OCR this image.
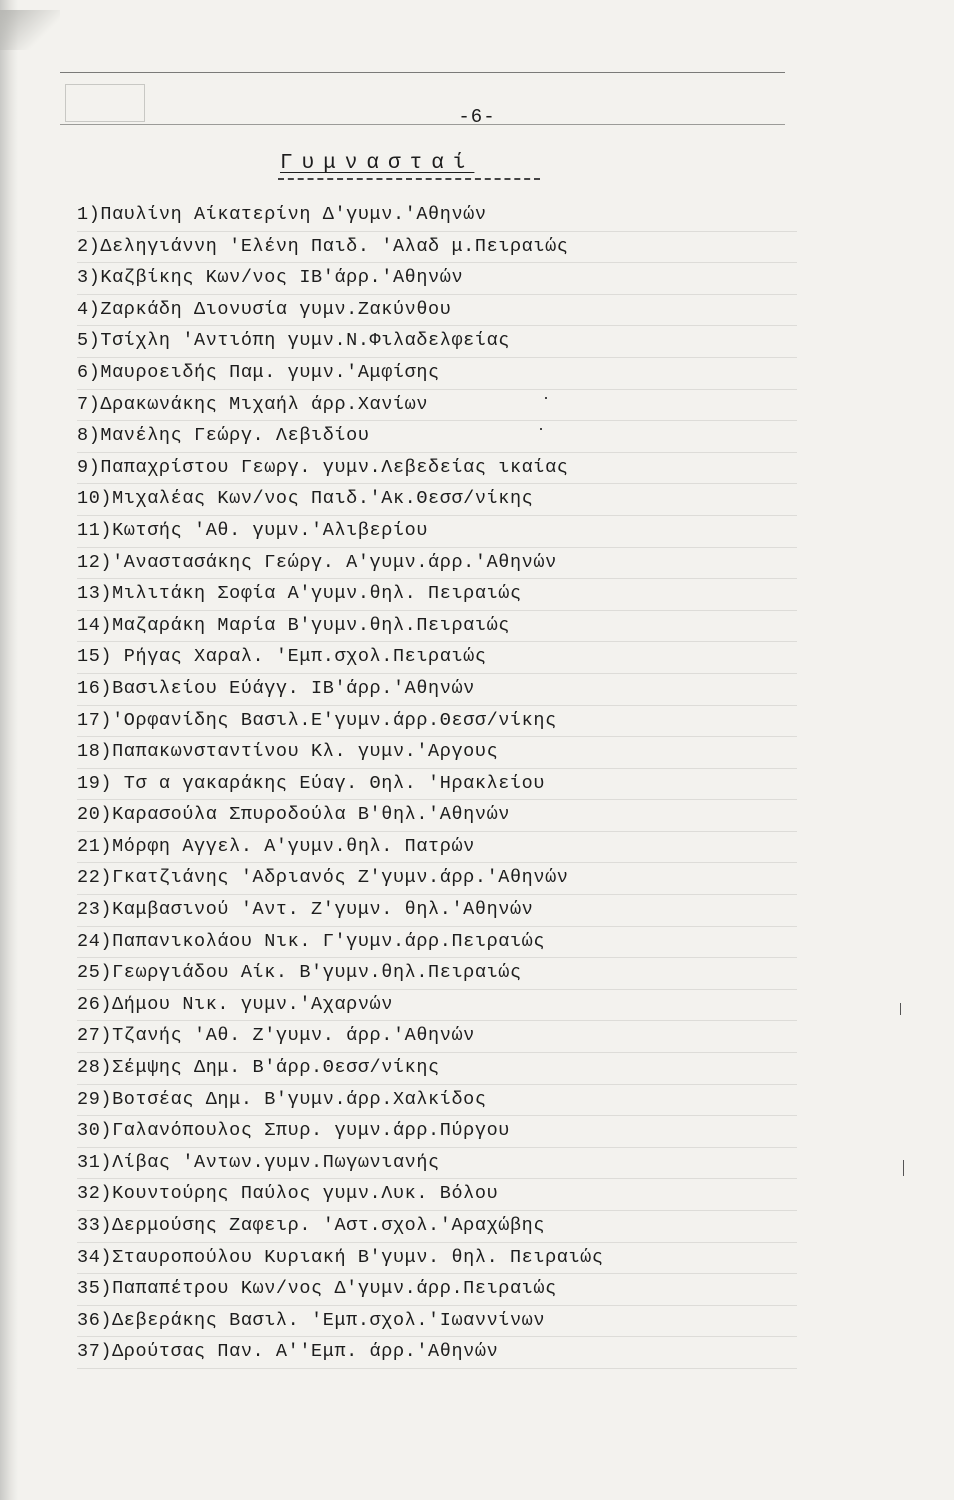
-6-
Γυμνασταί
1)Παυλίνη Αίκατερίνη Δ'γυμν.'Αθηνών
2)Δεληγιάννη 'Ελένη Παιδ. 'Αλαδ μ.Πειραιώς
3)Καζβίκης Κων/νος ΙΒ'άρρ.'Αθηνών
4)Ζαρκάδη Διονυσία γυμν.Ζακύνθου
5)Τσίχλη 'Αντιόπη γυμν.Ν.Φιλαδελφείας
6)Μαυροειδής Παμ. γυμν.'Αμφίσης
7)Δρακωνάκης Μιχαήλ άρρ.Χανίων
8)Μανέλης Γεώργ. Λεβιδίου
9)Παπαχρίστου Γεωργ. γυμν.Λεβεδείας ικαίας
10)Μιχαλέας Κων/νος Παιδ.'Ακ.Θεσσ/νίκης
11)Κωτσής 'Αθ. γυμν.'Αλιβερίου
12)'Αναστασάκης Γεώργ. Α'γυμν.άρρ.'Αθηνών
13)Μιλιτάκη Σοφία Α'γυμν.θηλ. Πειραιώς
14)Μαζαράκη Μαρία Β'γυμν.θηλ.Πειραιώς
15) Ρήγας Χαραλ. 'Εμπ.σχολ.Πειραιώς
16)Βασιλείου Εύάγγ. ΙΒ'άρρ.'Αθηνών
17)'Ορφανίδης Βασιλ.Ε'γυμν.άρρ.Θεσσ/νίκης
18)Παπακωνσταντίνου Κλ. γυμν.'Αργους
19) Τσ α γακαράκης Εύαγ. Θηλ. 'Ηρακλείου
20)Καρασούλα Σπυροδούλα Β'θηλ.'Αθηνών
21)Μόρφη Αγγελ. Α'γυμν.θηλ. Πατρών
22)Γκατζιάνης 'Αδριανός Ζ'γυμν.άρρ.'Αθηνών
23)Καμβασινού 'Αντ. Ζ'γυμν. θηλ.'Αθηνών
24)Παπανικολάου Νικ. Γ'γυμν.άρρ.Πειραιώς
25)Γεωργιάδου Αίκ. Β'γυμν.θηλ.Πειραιώς
26)Δήμου Νικ. γυμν.'Αχαρνών
27)Τζανής 'Αθ. Ζ'γυμν. άρρ.'Αθηνών
28)Σέμψης Δημ. Β'άρρ.Θεσσ/νίκης
29)Βοτσέας Δημ. Β'γυμν.άρρ.Χαλκίδος
30)Γαλανόπουλος Σπυρ. γυμν.άρρ.Πύργου
31)Λίβας 'Αντων.γυμν.Πωγωνιανής
32)Κουντούρης Παύλος γυμν.Λυκ. Βόλου
33)Δερμούσης Ζαφειρ. 'Αστ.σχολ.'Αραχώβης
34)Σταυροπούλου Κυριακή Β'γυμν. θηλ. Πειραιώς
35)Παπαπέτρου Κων/νος Δ'γυμν.άρρ.Πειραιώς
36)Δεβεράκης Βασιλ. 'Εμπ.σχολ.'Ιωαννίνων
37)Δρούτσας Παν. Α''Εμπ. άρρ.'Αθηνών
